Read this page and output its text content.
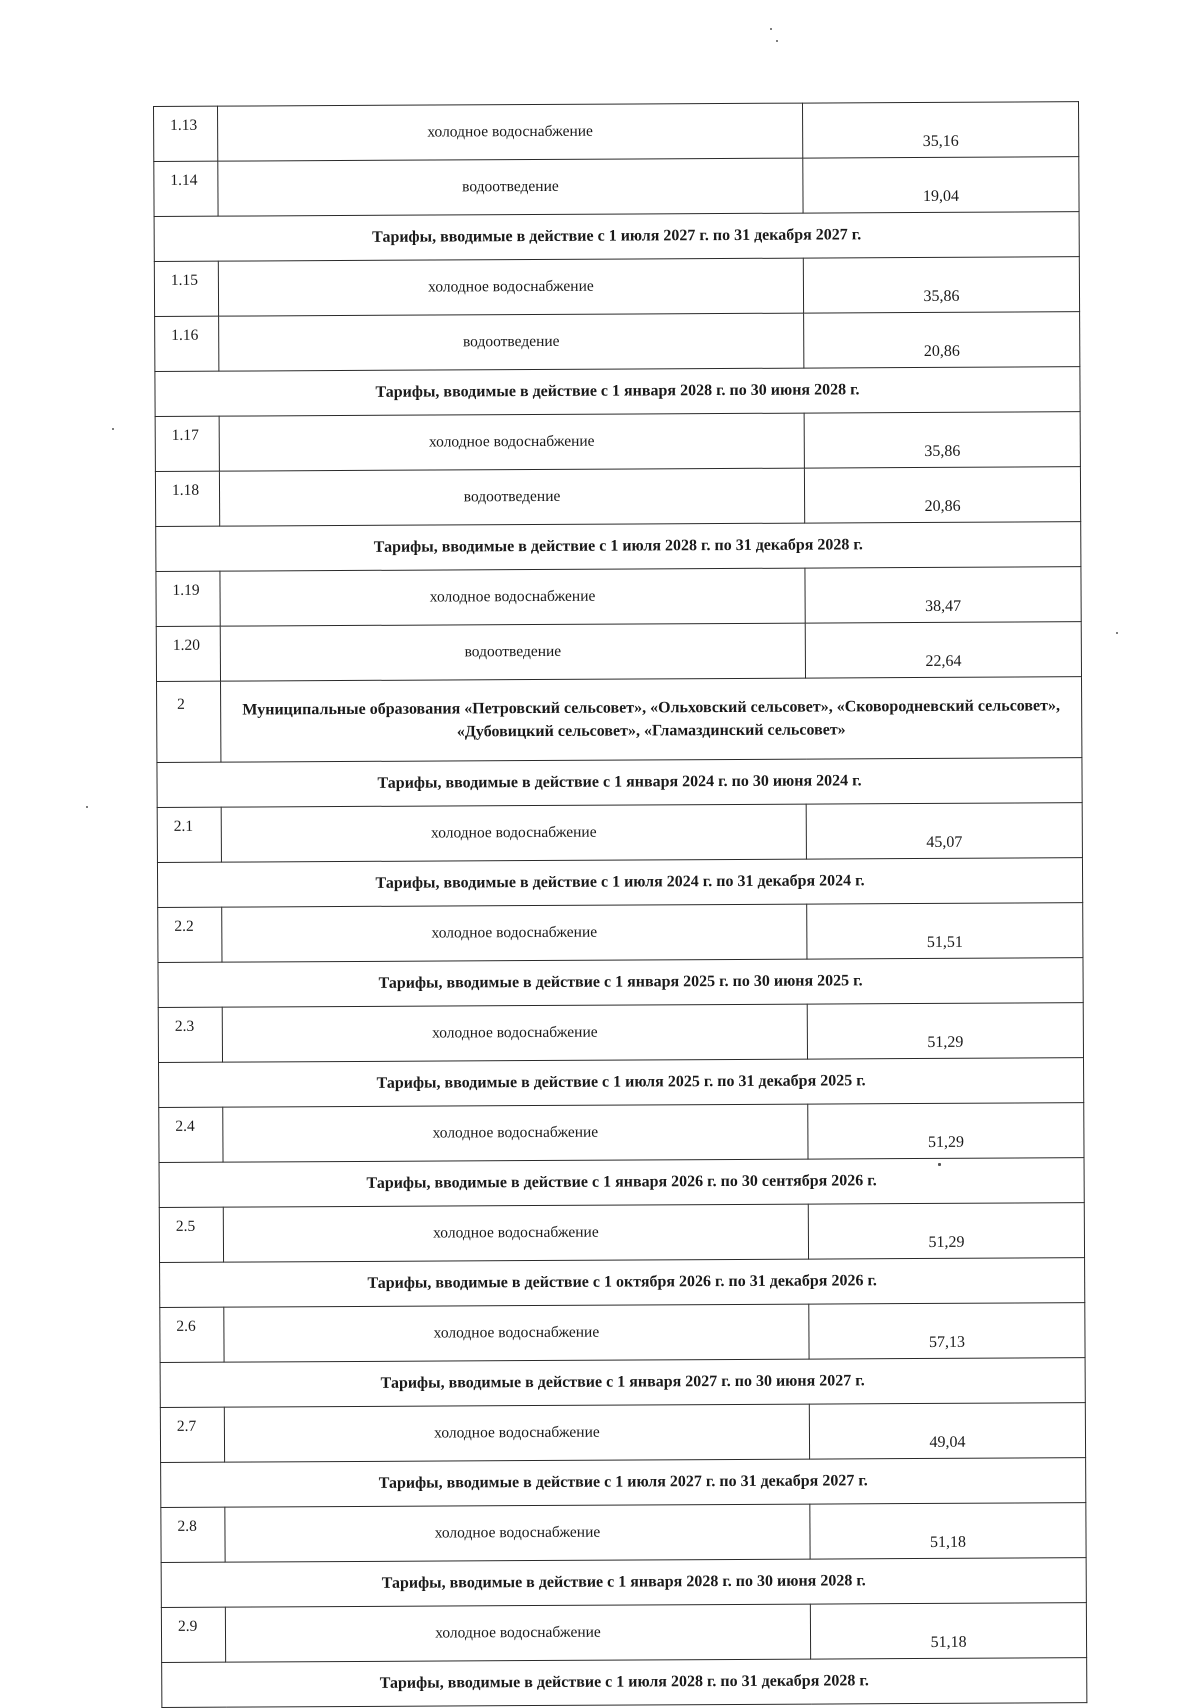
1.13	холодное водоснабжение	35,16
1.14	водоотведение	19,04
Тарифы, вводимые в действие с 1 июля 2027 г. по 31 декабря 2027 г.		
1.15	холодное водоснабжение	35,86
1.16	водоотведение	20,86
Тарифы, вводимые в действие с 1 января 2028 г. по 30 июня 2028 г.		
1.17	холодное водоснабжение	35,86
1.18	водоотведение	20,86
Тарифы, вводимые в действие с 1 июля 2028 г. по 31 декабря 2028 г.		
1.19	холодное водоснабжение	38,47
1.20	водоотведение	22,64
2	Муниципальные образования «Петровский сельсовет», «Ольховский сельсовет», «Сковородневский сельсовет», «Дубовицкий сельсовет», «Гламаздинский сельсовет»	
Тарифы, вводимые в действие с 1 января 2024 г. по 30 июня 2024 г.		
2.1	холодное водоснабжение	45,07
Тарифы, вводимые в действие с 1 июля 2024 г. по 31 декабря 2024 г.		
2.2	холодное водоснабжение	51,51
Тарифы, вводимые в действие с 1 января 2025 г. по 30 июня 2025 г.		
2.3	холодное водоснабжение	51,29
Тарифы, вводимые в действие с 1 июля 2025 г. по 31 декабря 2025 г.		
2.4	холодное водоснабжение	51,29
Тарифы, вводимые в действие с 1 января 2026 г. по 30 сентября 2026 г.		
2.5	холодное водоснабжение	51,29
Тарифы, вводимые в действие с 1 октября 2026 г. по 31 декабря 2026 г.		
2.6	холодное водоснабжение	57,13
Тарифы, вводимые в действие с 1 января 2027 г. по 30 июня 2027 г.		
2.7	холодное водоснабжение	49,04
Тарифы, вводимые в действие с 1 июля 2027 г. по 31 декабря 2027 г.		
2.8	холодное водоснабжение	51,18
Тарифы, вводимые в действие с 1 января 2028 г. по 30 июня 2028 г.		
2.9	холодное водоснабжение	51,18
Тарифы, вводимые в действие с 1 июля 2028 г. по 31 декабря 2028 г.		
